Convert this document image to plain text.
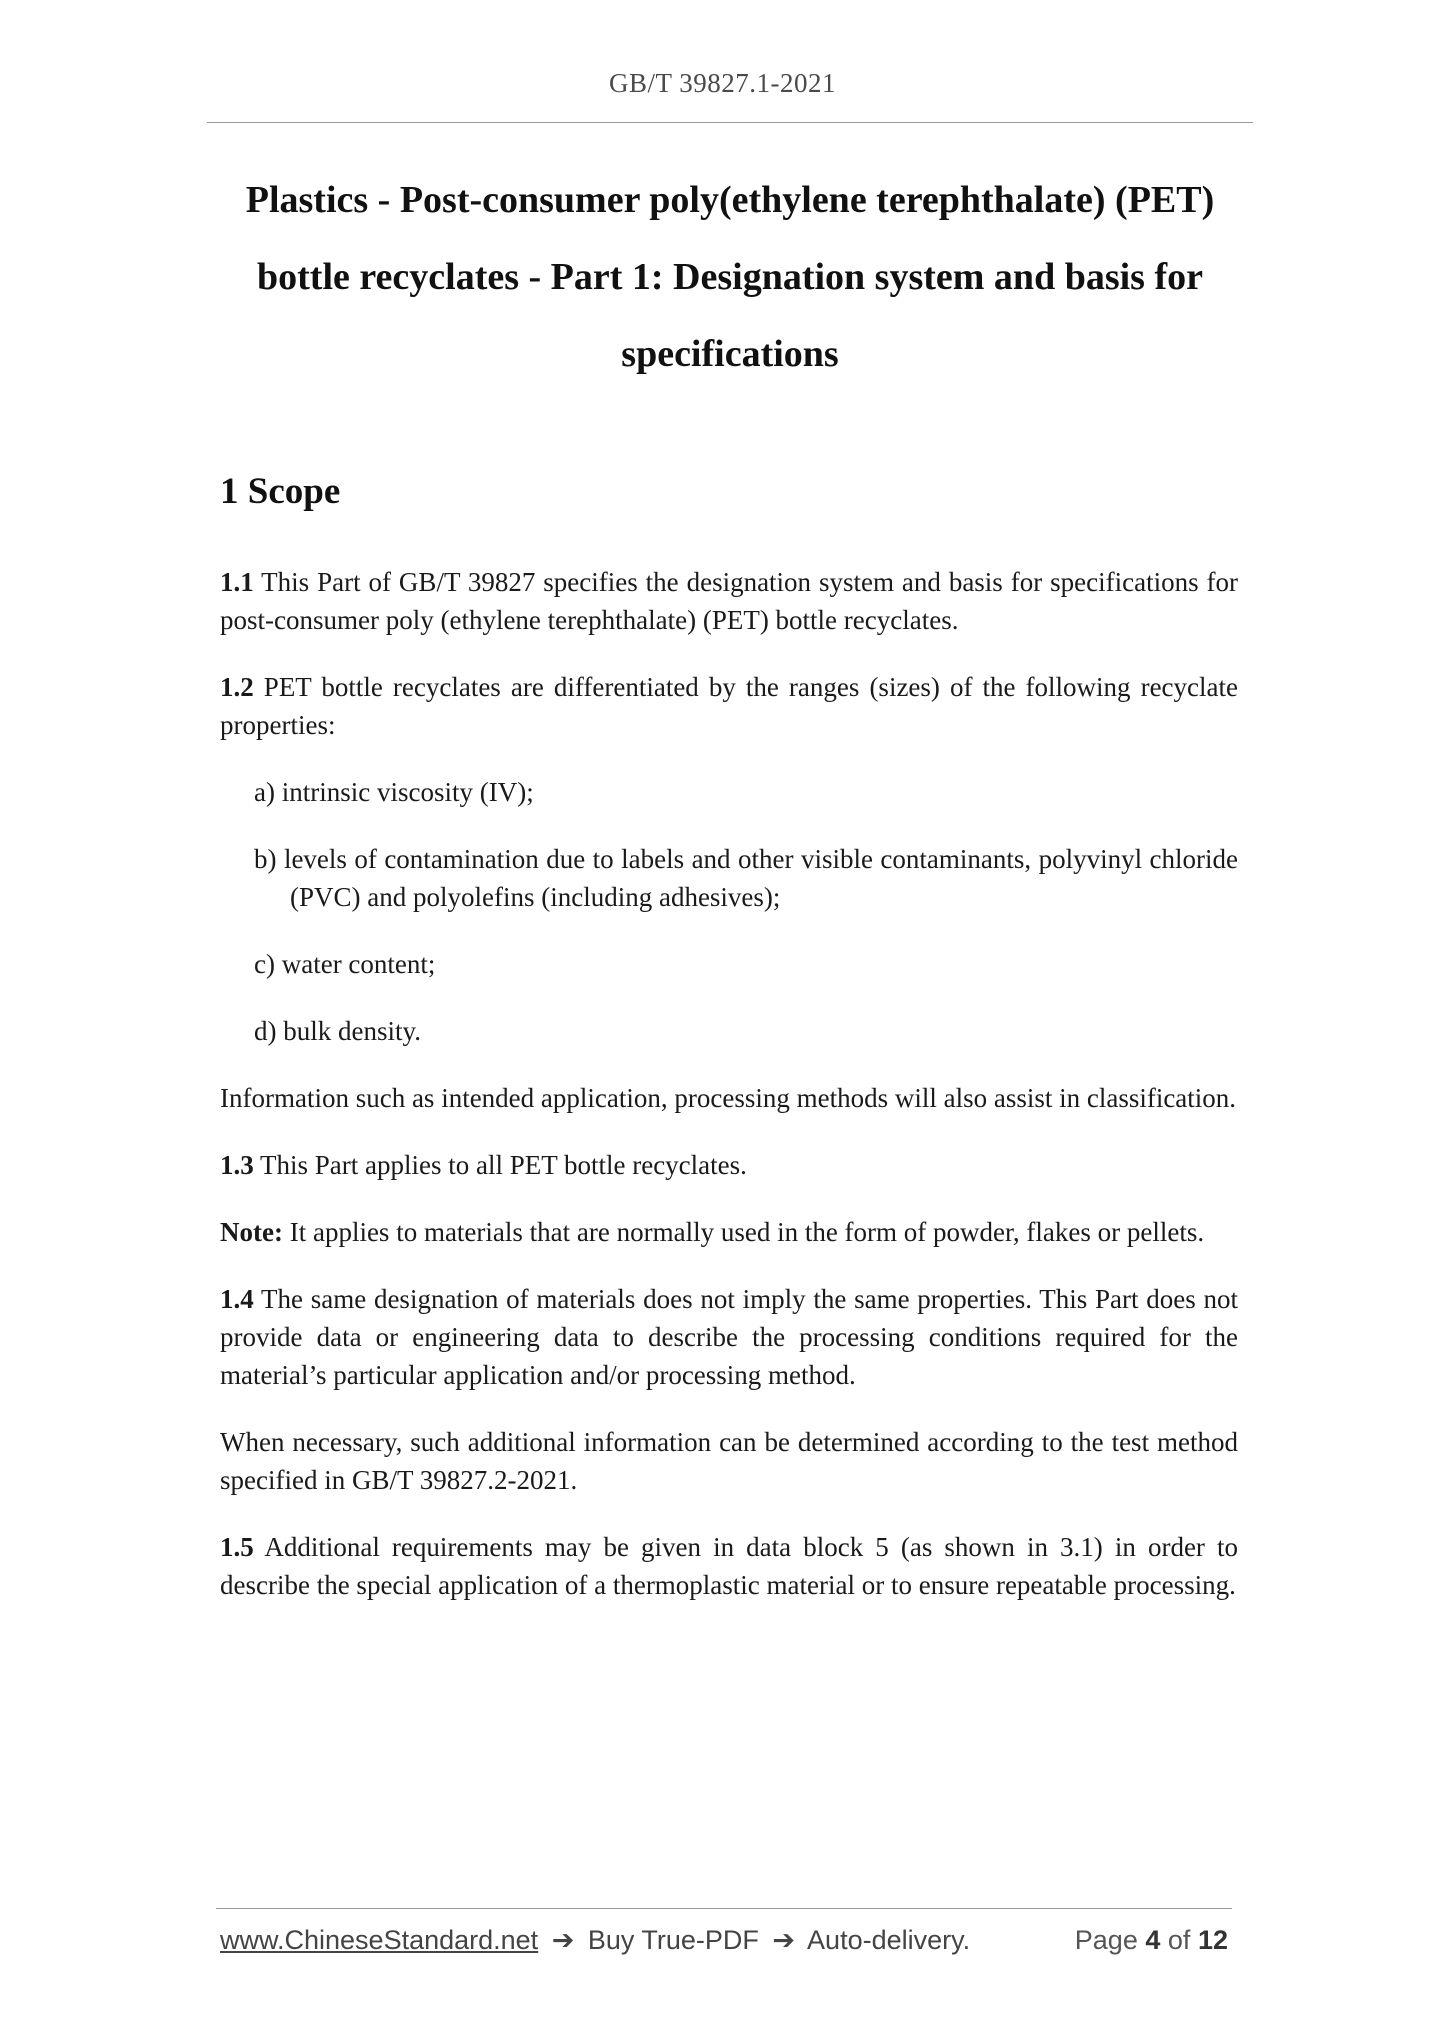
GB/T 39827.1-2021
Plastics - Post-consumer poly(ethylene terephthalate) (PET)
bottle recyclates - Part 1: Designation system and basis for
specifications
1 Scope

1.1 This Part of GB/T 39827 specifies the designation system and basis for specifications for post-consumer poly (ethylene terephthalate) (PET) bottle recyclates.

1.2 PET bottle recyclates are differentiated by the ranges (sizes) of the following recyclate properties:

a) intrinsic viscosity (IV);

b) levels of contamination due to labels and other visible contaminants, polyvinyl chloride (PVC) and polyolefins (including adhesives);

c) water content;

d) bulk density.

Information such as intended application, processing methods will also assist in classification.

1.3 This Part applies to all PET bottle recyclates.

Note: It applies to materials that are normally used in the form of powder, flakes or pellets.

1.4 The same designation of materials does not imply the same properties. This Part does not provide data or engineering data to describe the processing conditions required for the material’s particular application and/or processing method.

When necessary, such additional information can be determined according to the test method specified in GB/T 39827.2-2021.

1.5 Additional requirements may be given in data block 5 (as shown in 3.1) in order to describe the special application of a thermoplastic material or to ensure repeatable processing.

www.ChineseStandard.net ➔ Buy True-PDF ➔ Auto-delivery.	Page 4 of 12
